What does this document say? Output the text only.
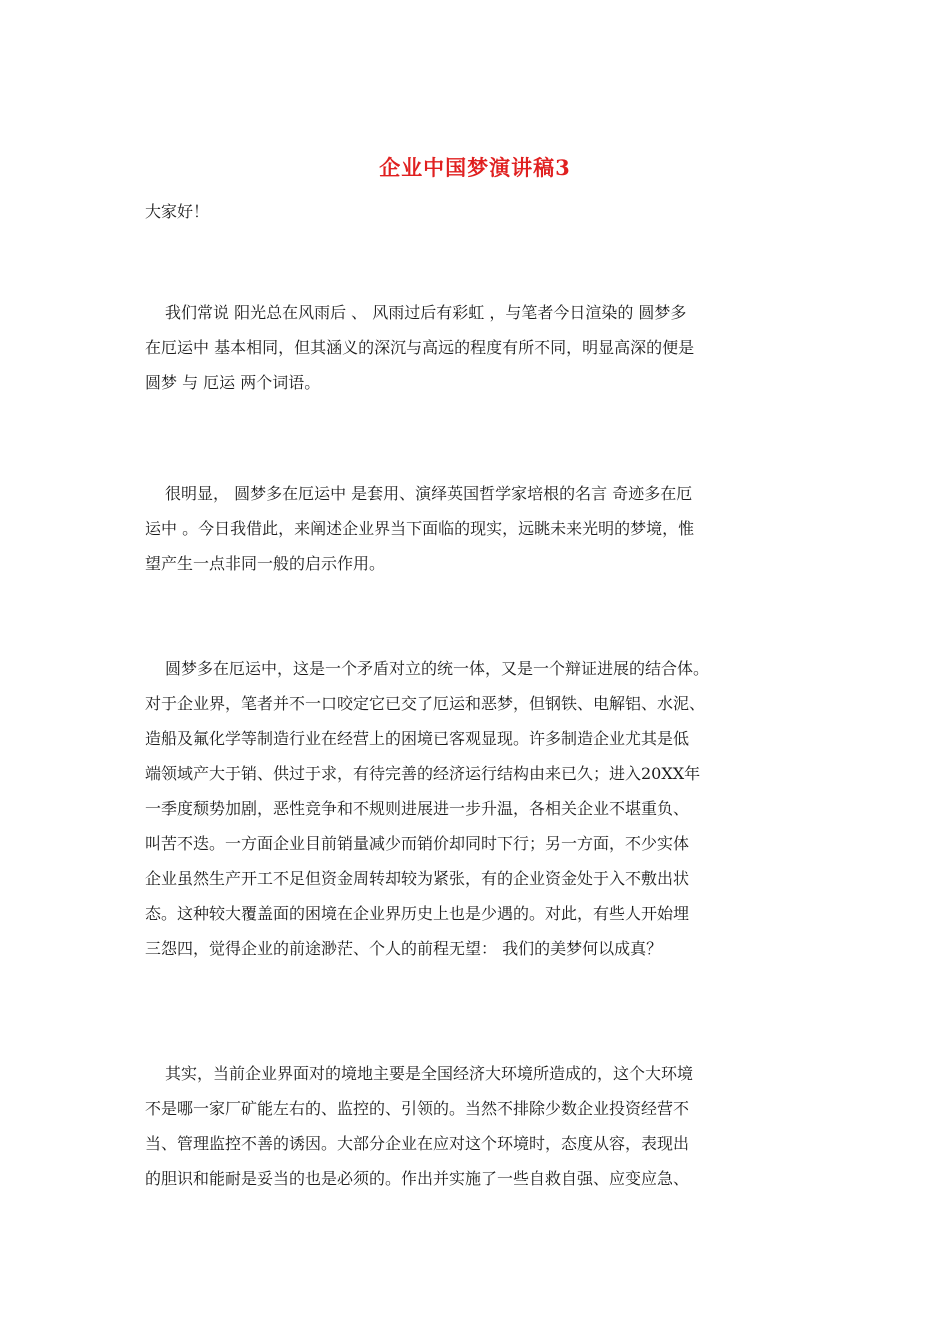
企业中国梦演讲稿3
大家好！
我们常说 阳光总在风雨后 、 风雨过后有彩虹 ，与笔者今日渲染的 圆梦多
在厄运中 基本相同，但其涵义的深沉与高远的程度有所不同，明显高深的便是
圆梦 与 厄运 两个词语。
很明显， 圆梦多在厄运中 是套用、演绎英国哲学家培根的名言 奇迹多在厄
运中 。今日我借此，来阐述企业界当下面临的现实，远眺未来光明的梦境，惟
望产生一点非同一般的启示作用。
圆梦多在厄运中，这是一个矛盾对立的统一体，又是一个辩证进展的结合体。
对于企业界，笔者并不一口咬定它已交了厄运和恶梦，但钢铁、电解铝、水泥、
造船及氟化学等制造行业在经营上的困境已客观显现。许多制造企业尤其是低
端领域产大于销、供过于求，有待完善的经济运行结构由来已久；进入20XX年
一季度颓势加剧，恶性竞争和不规则进展进一步升温，各相关企业不堪重负、
叫苦不迭。一方面企业目前销量减少而销价却同时下行；另一方面，不少实体
企业虽然生产开工不足但资金周转却较为紧张，有的企业资金处于入不敷出状
态。这种较大覆盖面的困境在企业界历史上也是少遇的。对此，有些人开始埋
三怨四，觉得企业的前途渺茫、个人的前程无望： 我们的美梦何以成真？
其实，当前企业界面对的境地主要是全国经济大环境所造成的，这个大环境
不是哪一家厂矿能左右的、监控的、引领的。当然不排除少数企业投资经营不
当、管理监控不善的诱因。大部分企业在应对这个环境时，态度从容，表现出
的胆识和能耐是妥当的也是必须的。作出并实施了一些自救自强、应变应急、
